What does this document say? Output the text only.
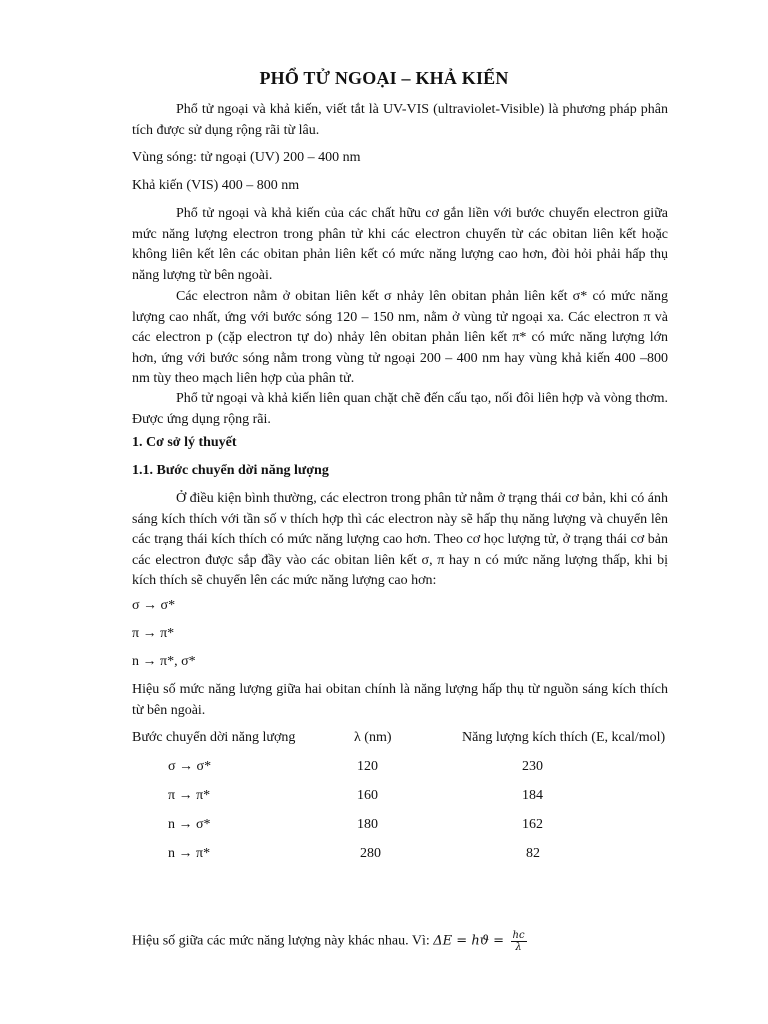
PHỔ TỬ NGOẠI – KHẢ KIẾN

Phổ tử ngoại và khả kiến, viết tắt là UV-VIS (ultraviolet-Visible) là phương pháp phân tích được sử dụng rộng rãi từ lâu.

Vùng sóng: tử ngoại (UV) 200 – 400 nm
Khả kiến (VIS) 400 – 800 nm

Phổ tử ngoại và khả kiến của các chất hữu cơ gắn liền với bước chuyển electron giữa mức năng lượng electron trong phân tử khi các electron chuyển từ các obitan liên kết hoặc không liên kết lên các obitan phản liên kết có mức năng lượng cao hơn, đòi hỏi phải hấp thụ năng lượng từ bên ngoài.

Các electron nằm ở obitan liên kết σ nhảy lên obitan phản liên kết σ* có mức năng lượng cao nhất, ứng với bước sóng 120 – 150 nm, nằm ở vùng tử ngoại xa. Các electron π và các electron p (cặp electron tự do) nhảy lên obitan phản liên kết π* có mức năng lượng lớn hơn, ứng với bước sóng nằm trong vùng tử ngoại 200 – 400 nm hay vùng khả kiến 400 –800 nm tùy theo mạch liên hợp của phân tử.

Phổ tử ngoại và khả kiến liên quan chặt chẽ đến cấu tạo, nối đôi liên hợp và vòng thơm. Được ứng dụng rộng rãi.

1. Cơ sở lý thuyết
1.1. Bước chuyển dời năng lượng

Ở điều kiện bình thường, các electron trong phân tử nằm ở trạng thái cơ bản, khi có ánh sáng kích thích với tần số ν thích hợp thì các electron này sẽ hấp thụ năng lượng và chuyển lên các trạng thái kích thích có mức năng lượng cao hơn. Theo cơ học lượng tử, ở trạng thái cơ bản các electron được sắp đầy vào các obitan liên kết σ, π hay n có mức năng lượng thấp, khi bị kích thích sẽ chuyển lên các mức năng lượng cao hơn:

σ → σ*
π → π*
n → π*, σ*

Hiệu số mức năng lượng giữa hai obitan chính là năng lượng hấp thụ từ nguồn sáng kích thích từ bên ngoài.

Bước chuyển dời năng lượng	λ (nm)	Năng lượng kích thích (E, kcal/mol)
σ → σ*	120	230
π → π*	160	184
n → σ*	180	162
n → π*	280	82
Hiệu số giữa các mức năng lượng này khác nhau. Vì: $\Delta E = hϑ = \frac{hc}{\lambda}$
